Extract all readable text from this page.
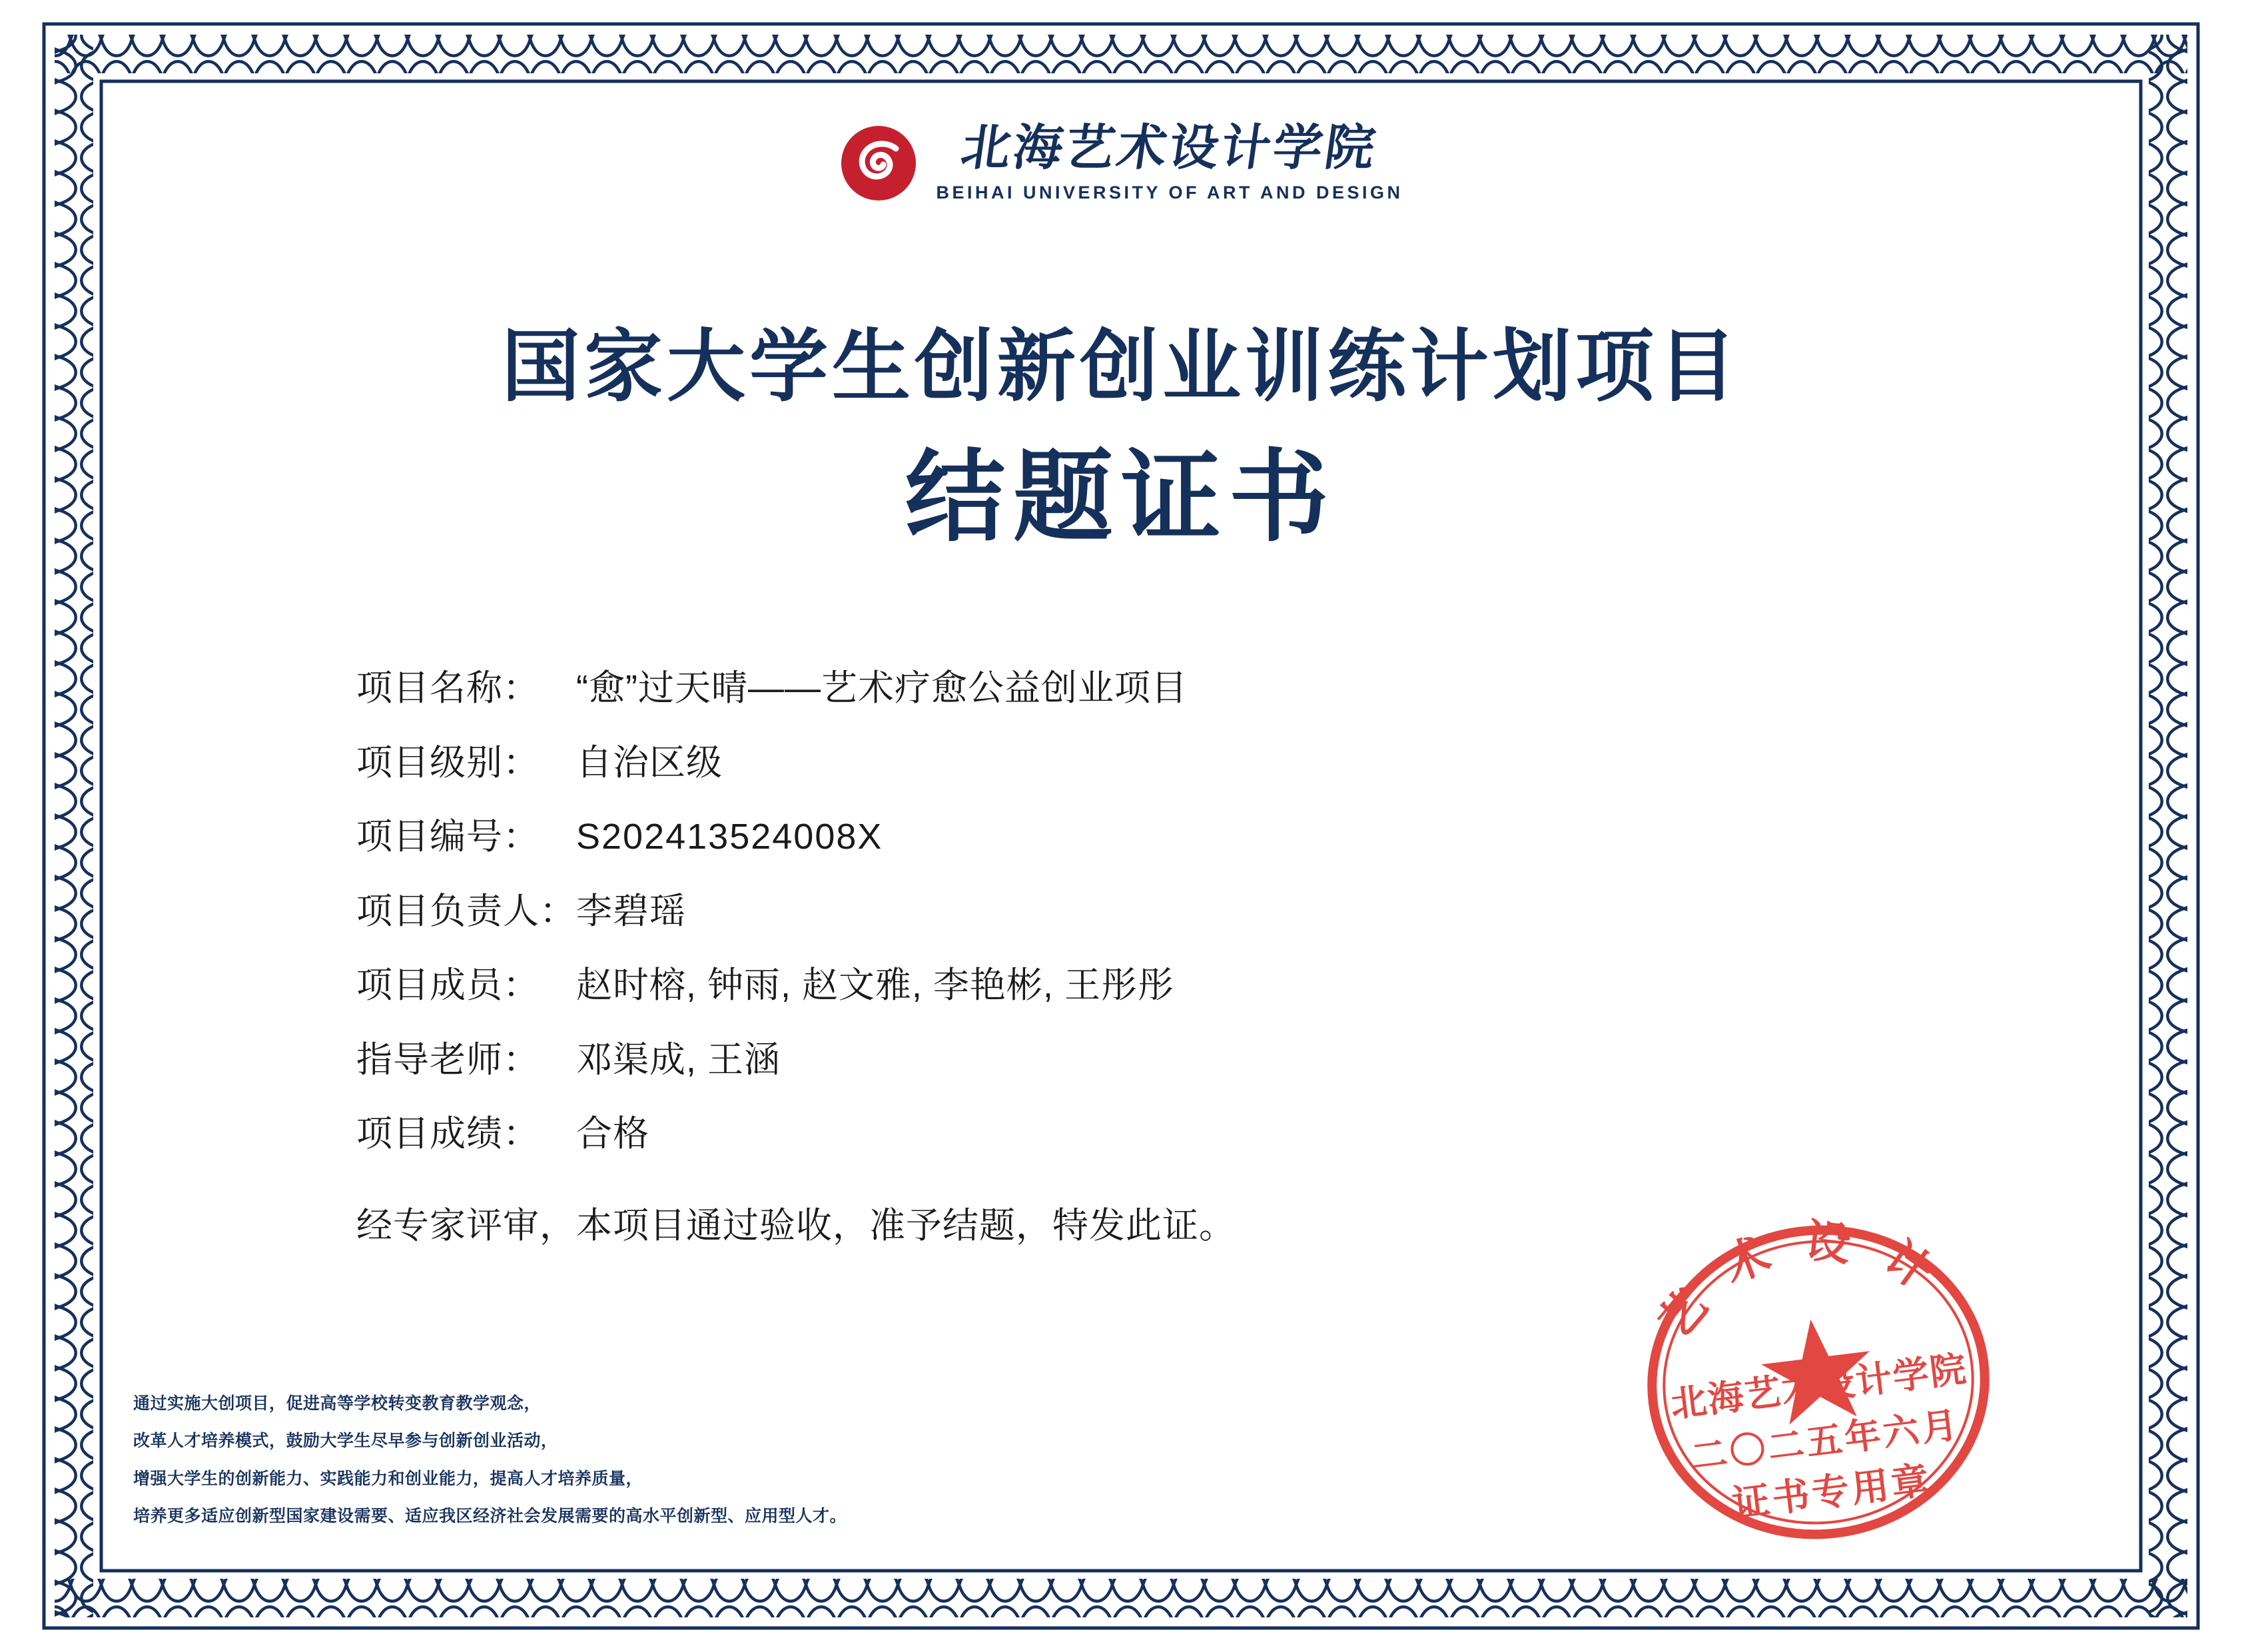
北海艺术设计学院
BEIHAI UNIVERSITY OF ART AND DESIGN
国家大学生创新创业训练计划项目
结题证书
项目名称：	“愈”过天晴——艺术疗愈公益创业项目
项目级别：	自治区级
项目编号：	S202413524008X
项目负责人： 李碧瑶
项目成员：	赵时榕, 钟雨, 赵文雅, 李艳彬, 王彤彤
指导老师：	邓渠成, 王涵
项目成绩：	合格
经专家评审，本项目通过验收，准予结题，特发此证。
通过实施大创项目，促进高等学校转变教育教学观念，
改革人才培养模式，鼓励大学生尽早参与创新创业活动，
增强大学生的创新能力、实践能力和创业能力，提高人才培养质量，
培养更多适应创新型国家建设需要、适应我区经济社会发展需要的高水平创新型、应用型人才。
艺术设计
北海艺术设计学院
二〇二五年六月
证书专用章
